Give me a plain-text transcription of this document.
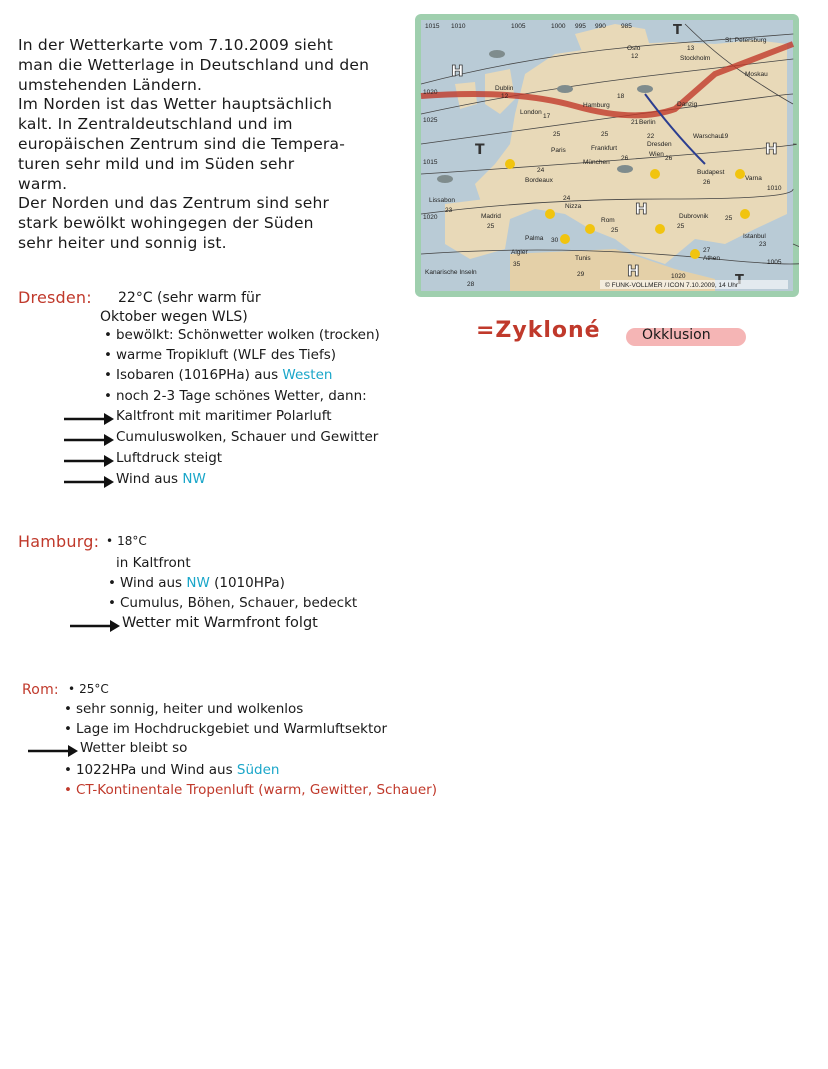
In der Wetterkarte vom 7.10.2009 sieht
man die Wetterlage in Deutschland und den
umstehenden Ländern.
Im Norden ist das Wetter hauptsächlich
kalt. In Zentraldeutschland und im
europäischen Zentrum sind die Tempera-
turen sehr mild und im Süden sehr
warm.
Der Norden und das Zentrum sind sehr
stark bewölkt wohingegen der Süden
sehr heiter und sonnig ist.
H
T
H
H
H
T
Oslo
12	Stockholm
13
Dublin
12
London
17
Hamburg
18
21 Berlin
Danzig
Warschau
19
22
Dresden
25
Paris
25
Frankfurt
Wien
26
München
26
Budapest
26
24
Bordeaux
24
Nizza
Lissabon
23
Madrid
25
Rom
25
Dubrovnik
25
Varna
25
Istanbul
23
Palma 30
Algier
35
Tunis
29
27
Athen
St. Petersburg
Moskau
Kanarische Inseln
28
1015 1010	1005	1000 995 990 985
1020
1025
1015
1020
1010
1005
1020
© FUNK-VOLLMER / ICON 7.10.2009, 14 Uhr
=Zykloné	Okklusion
Dresden: 22°C (sehr warm für
Oktober wegen WLS)
• bewölkt: Schönwetter wolken (trocken)
• warme Tropikluft (WLF des Tiefs)
• Isobaren (1016PHa) aus Westen
• noch 2-3 Tage schönes Wetter, dann:
Kaltfront mit maritimer Polarluft
Cumuluswolken, Schauer und Gewitter
Luftdruck steigt
Wind aus NW
Hamburg:	• 18°C
in Kaltfront
• Wind aus NW (1010HPa)
• Cumulus, Böhen, Schauer, bedeckt
Wetter mit Warmfront folgt
Rom:	• 25°C
• sehr sonnig, heiter und wolkenlos
• Lage im Hochdruckgebiet und Warmluftsektor
Wetter bleibt so
• 1022HPa und Wind aus Süden
• CT-Kontinentale Tropenluft (warm, Gewitter, Schauer)
